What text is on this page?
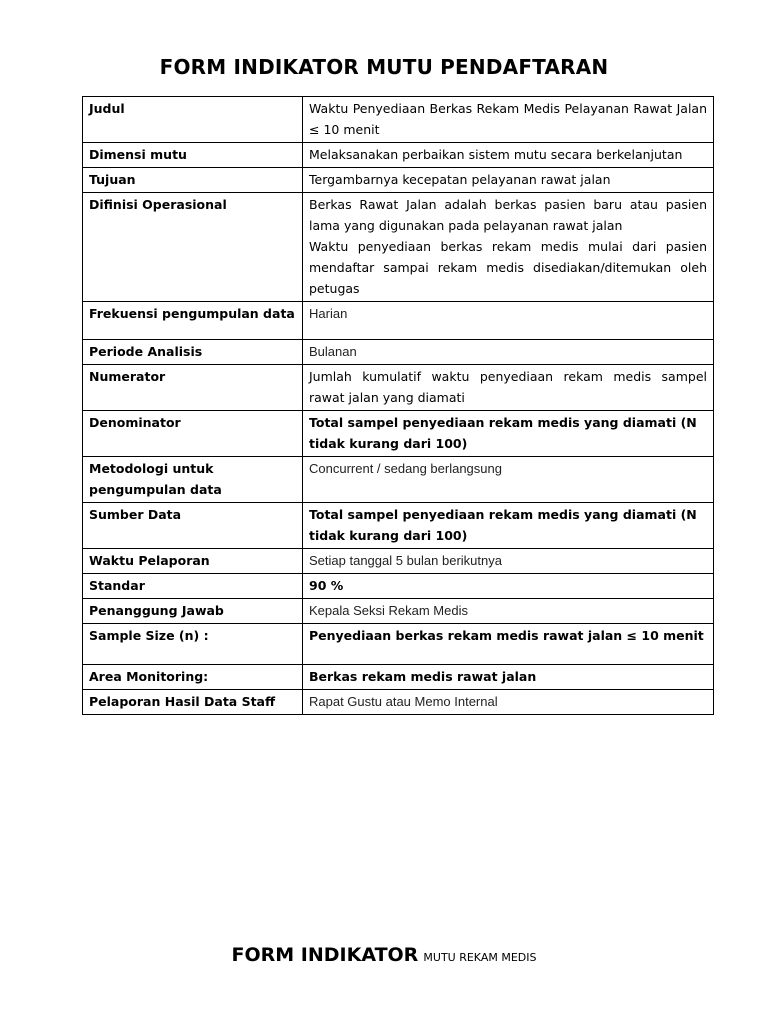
FORM INDIKATOR MUTU PENDAFTARAN
Judul	Waktu Penyediaan Berkas Rekam Medis Pelayanan Rawat Jalan ≤ 10 menit

Dimensi mutu	Melaksanakan perbaikan sistem mutu secara berkelanjutan

Tujuan	Tergambarnya kecepatan pelayanan rawat jalan

Difinisi Operasional	Berkas Rawat Jalan adalah berkas pasien baru atau pasien lama yang digunakan pada pelayanan rawat jalan
Waktu penyediaan berkas rekam medis mulai dari pasien mendaftar sampai rekam medis disediakan/ditemukan oleh petugas

Frekuensi pengumpulan data	Harian

Periode Analisis	Bulanan

Numerator	Jumlah kumulatif waktu penyediaan rekam medis sampel rawat jalan yang diamati

Denominator	Total sampel penyediaan rekam medis yang diamati (N tidak kurang dari 100)

Metodologi untuk pengumpulan data	Concurrent / sedang berlangsung

Sumber Data	Total sampel penyediaan rekam medis yang diamati (N tidak kurang dari 100)

Waktu Pelaporan	Setiap tanggal 5 bulan berikutnya

Standar	90 %

Penanggung Jawab	Kepala Seksi Rekam Medis

Sample Size (n) :	Penyediaan berkas rekam medis rawat jalan ≤ 10 menit

Area Monitoring:	Berkas rekam medis rawat jalan

Pelaporan Hasil Data Staff	Rapat Gustu atau Memo Internal
FORM INDIKATOR MUTU REKAM MEDIS
